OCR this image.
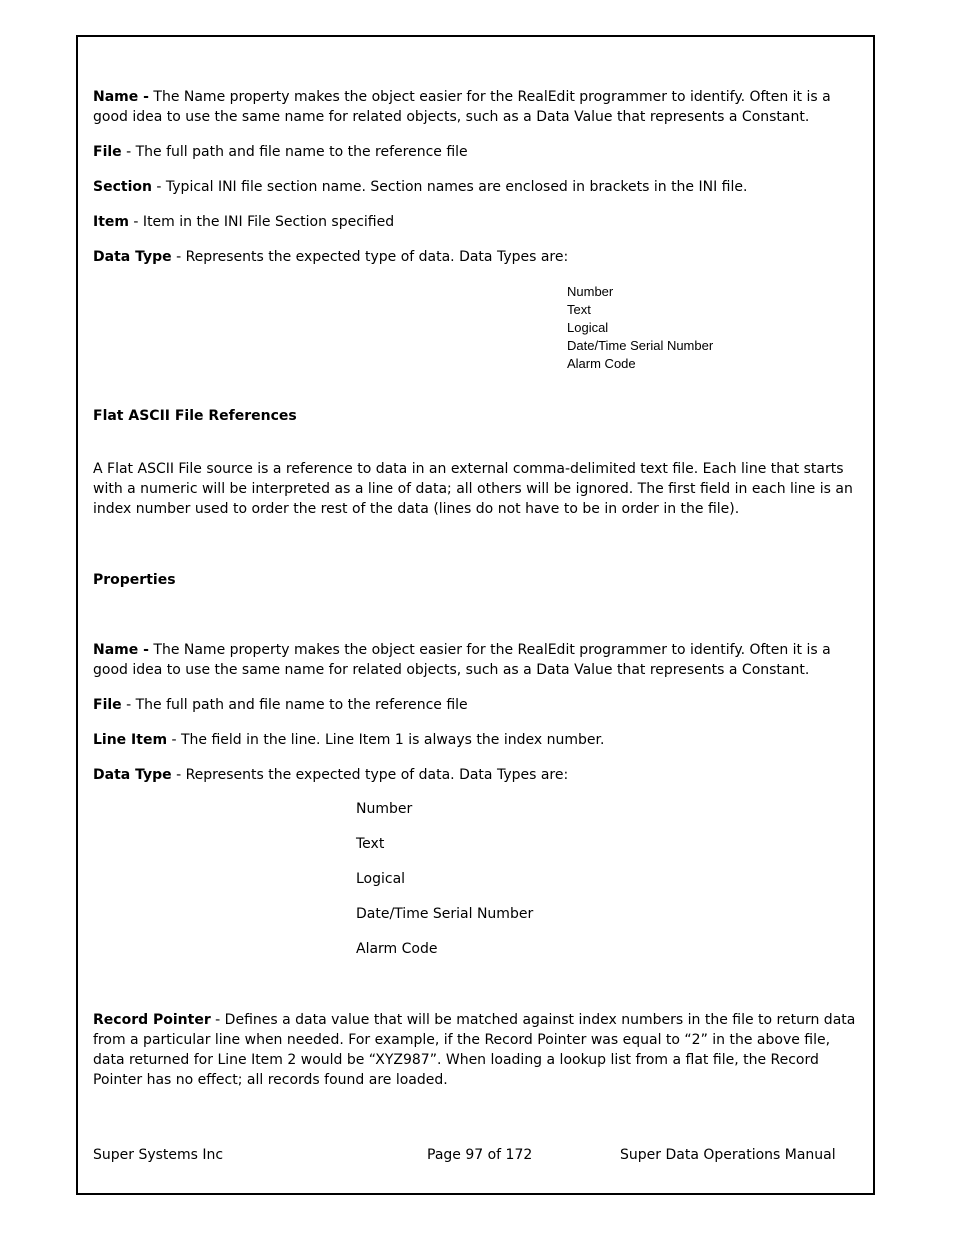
Name - The Name property makes the object easier for the RealEdit programmer to identify. Often it is a good idea to use the same name for related objects, such as a Data Value that represents a Constant.

File - The full path and file name to the reference file

Section - Typical INI file section name. Section names are enclosed in brackets in the INI file.

Item - Item in the INI File Section specified

Data Type - Represents the expected type of data. Data Types are:

Number
Text
Logical
Date/Time Serial Number
Alarm Code

Flat ASCII File References

A Flat ASCII File source is a reference to data in an external comma-delimited text file. Each line that starts with a numeric will be interpreted as a line of data; all others will be ignored. The first field in each line is an index number used to order the rest of the data (lines do not have to be in order in the file).

Properties

Name - The Name property makes the object easier for the RealEdit programmer to identify. Often it is a good idea to use the same name for related objects, such as a Data Value that represents a Constant.

File - The full path and file name to the reference file

Line Item - The field in the line. Line Item 1 is always the index number.

Data Type - Represents the expected type of data. Data Types are:

Number
Text
Logical
Date/Time Serial Number
Alarm Code

Record Pointer - Defines a data value that will be matched against index numbers in the file to return data from a particular line when needed. For example, if the Record Pointer was equal to “2” in the above file, data returned for Line Item 2 would be “XYZ987”. When loading a lookup list from a flat file, the Record Pointer has no effect; all records found are loaded.

Super Systems Inc	Page 97 of 172	Super Data Operations Manual
